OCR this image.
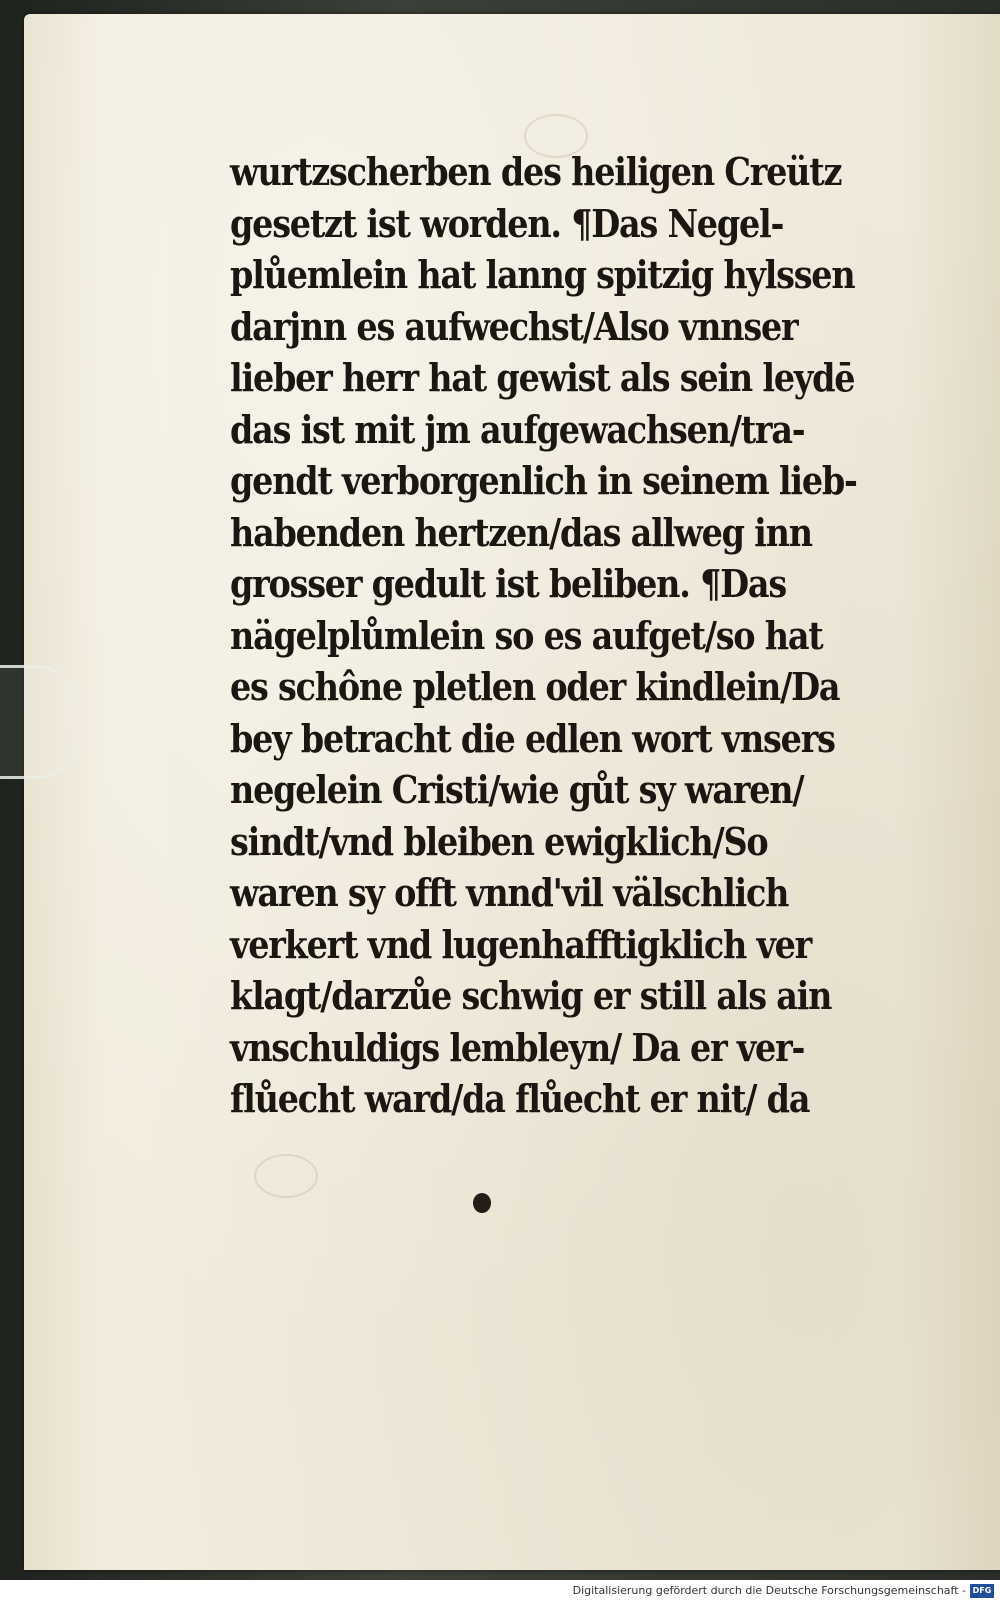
wurtzscherben des heiligen Creütz
gesetzt ist worden. ¶Das Negel-
plůemlein hat lanng spitzig hylssen
darjnn es aufwechst/Also vnnser
lieber herr hat gewist als sein leydē
das ist mit jm aufgewachsen/tra-
gendt verborgenlich in seinem lieb-
habenden hertzen/das allweg inn
grosser gedult ist beliben. ¶Das
nägelplůmlein so es aufget/so hat
es schône pletlen oder kindlein/Da
bey betracht die edlen wort vnsers
negelein Cristi/wie gůt sy waren/
sindt/vnd bleiben ewigklich/So
waren sy offt vnnd'vil välschlich
verkert vnd lugenhafftigklich ver
klagt/darzůe schwig er still als ain
vnschuldigs lembleyn/ Da er ver-
flůecht ward/da flůecht er nit/ da
Digitalisierung gefördert durch die Deutsche Forschungsgemeinschaft - DFG
